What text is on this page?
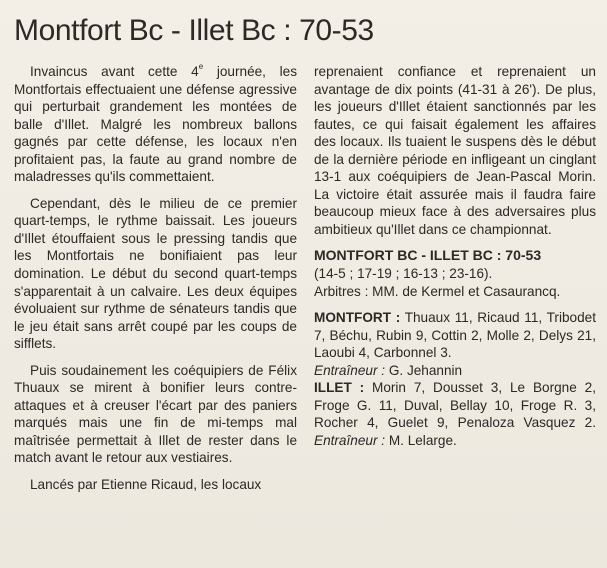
Montfort Bc - Illet Bc : 70-53

Invaincus avant cette 4e journée, les Montfortais effectuaient une défense agressive qui perturbait grandement les montées de balle d'Illet. Malgré les nombreux ballons gagnés par cette défense, les locaux n'en profitaient pas, la faute au grand nombre de maladresses qu'ils commettaient.

Cependant, dès le milieu de ce premier quart-temps, le rythme baissait. Les joueurs d'Illet étouffaient sous le pressing tandis que les Montfortais ne bonifiaient pas leur domination. Le début du second quart-temps s'apparentait à un calvaire. Les deux équipes évoluaient sur rythme de sénateurs tandis que le jeu était sans arrêt coupé par les coups de sifflets.

Puis soudainement les coéquipiers de Félix Thuaux se mirent à bonifier leurs contre-attaques et à creuser l'écart par des paniers marqués mais une fin de mi-temps mal maîtrisée permettait à Illet de rester dans le match avant le retour aux vestiaires.

Lancés par Etienne Ricaud, les locaux

reprenaient confiance et reprenaient un avantage de dix points (41-31 à 26'). De plus, les joueurs d'Illet étaient sanctionnés par les fautes, ce qui faisait également les affaires des locaux. Ils tuaient le suspens dès le début de la dernière période en infligeant un cinglant 13-1 aux coéquipiers de Jean-Pascal Morin. La victoire était assurée mais il faudra faire beaucoup mieux face à des adversaires plus ambitieux qu'Illet dans ce championnat.

MONTFORT BC - ILLET BC : 70-53

(14-5 ; 17-19 ; 16-13 ; 23-16).

Arbitres : MM. de Kermel et Casaurancq.

MONTFORT : Thuaux 11, Ricaud 11, Tribodet 7, Béchu, Rubin 9, Cottin 2, Molle 2, Delys 21, Laoubi 4, Carbonnel 3.

Entraîneur : G. Jehannin

ILLET : Morin 7, Dousset 3, Le Borgne 2, Froge G. 11, Duval, Bellay 10, Froge R. 3, Rocher 4, Guelet 9, Penaloza Vasquez 2. Entraîneur : M. Lelarge.
